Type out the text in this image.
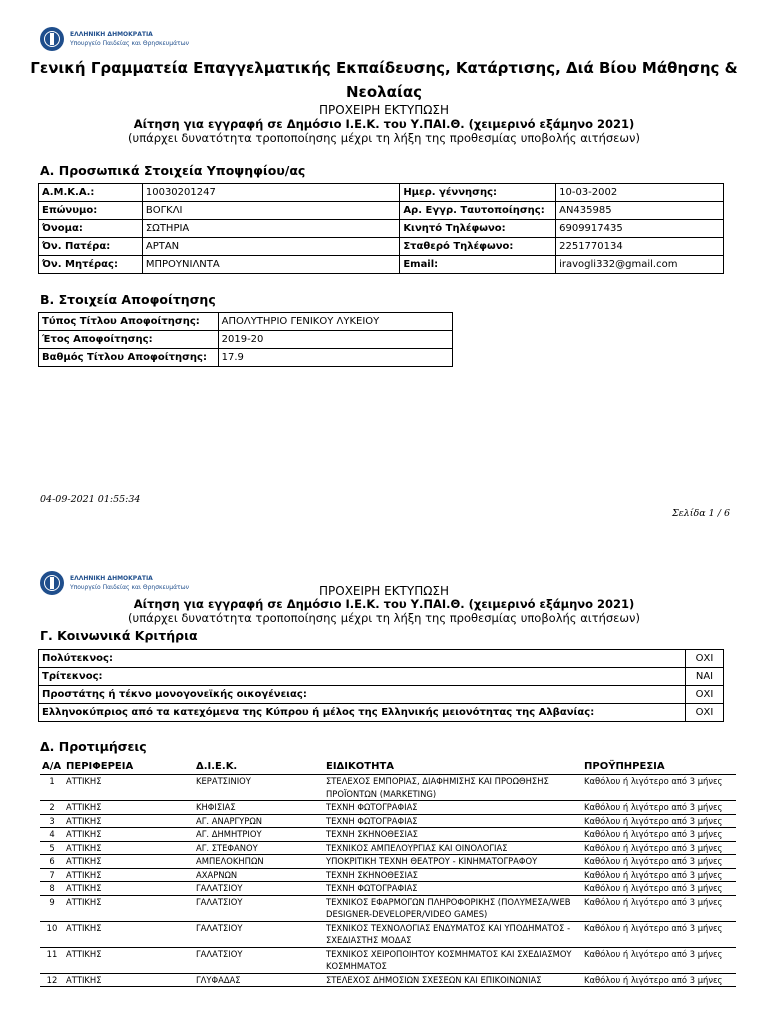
ΕΛΛΗΝΙΚΗ ΔΗΜΟΚΡΑΤΙΑ
Υπουργείο Παιδείας και Θρησκευμάτων
Γενική Γραμματεία Επαγγελματικής Εκπαίδευσης, Κατάρτισης, Διά Βίου Μάθησης &
Νεολαίας
ΠΡΟΧΕΙΡΗ ΕΚΤΥΠΩΣΗ
Αίτηση για εγγραφή σε Δημόσιο Ι.Ε.Κ. του Υ.ΠΑΙ.Θ. (χειμερινό εξάμηνο 2021)
(υπάρχει δυνατότητα τροποποίησης μέχρι τη λήξη της προθεσμίας υποβολής αιτήσεων)
Α. Προσωπικά Στοιχεία Υποψηφίου/ας
Α.Μ.Κ.Α.:	10030201247	Ημερ. γέννησης:	10-03-2002
Επώνυμο:	ΒΟΓΚΛΙ	Αρ. Εγγρ. Ταυτοποίησης:	ΑΝ435985
Όνομα:	ΣΩΤΗΡΙΑ	Κινητό Τηλέφωνο:	6909917435
Όν. Πατέρα:	ΑΡΤΑΝ	Σταθερό Τηλέφωνο:	2251770134
Όν. Μητέρας:	ΜΠΡΟΥΝΙΛΝΤΑ	Email:	iravogli332@gmail.com
Β. Στοιχεία Αποφοίτησης
Τύπος Τίτλου Αποφοίτησης:	ΑΠΟΛΥΤΗΡΙΟ ΓΕΝΙΚΟΥ ΛΥΚΕΙΟΥ
Έτος Αποφοίτησης:	2019-20
Βαθμός Τίτλου Αποφοίτησης:	17.9
04-09-2021 01:55:34
Σελίδα 1 / 6
ΕΛΛΗΝΙΚΗ ΔΗΜΟΚΡΑΤΙΑ
Υπουργείο Παιδείας και Θρησκευμάτων	ΠΡΟΧΕΙΡΗ ΕΚΤΥΠΩΣΗ
Αίτηση για εγγραφή σε Δημόσιο Ι.Ε.Κ. του Υ.ΠΑΙ.Θ. (χειμερινό εξάμηνο 2021)
(υπάρχει δυνατότητα τροποποίησης μέχρι τη λήξη της προθεσμίας υποβολής αιτήσεων)
Γ. Κοινωνικά Κριτήρια
Πολύτεκνος:	ΟΧΙ
Τρίτεκνος:	ΝΑΙ
Προστάτης ή τέκνο μονογονεϊκής οικογένειας:	ΟΧΙ
Ελληνοκύπριος από τα κατεχόμενα της Κύπρου ή μέλος της Ελληνικής μειονότητας της Αλβανίας:	ΟΧΙ
Δ. Προτιμήσεις
Α/Α	ΠΕΡΙΦΕΡΕΙΑ	Δ.Ι.Ε.Κ.	ΕΙΔΙΚΟΤΗΤΑ	ΠΡΟΫΠΗΡΕΣΙΑ
1	ΑΤΤΙΚΗΣ	ΚΕΡΑΤΣΙΝΙΟΥ	ΣΤΕΛΕΧΟΣ ΕΜΠΟΡΙΑΣ, ΔΙΑΦΗΜΙΣΗΣ ΚΑΙ ΠΡΟΩΘΗΣΗΣ ΠΡΟΪΟΝΤΩΝ (MARKETING)	Καθόλου ή λιγότερο από 3 μήνες
2	ΑΤΤΙΚΗΣ	ΚΗΦΙΣΙΑΣ	ΤΕΧΝΗ ΦΩΤΟΓΡΑΦΙΑΣ	Καθόλου ή λιγότερο από 3 μήνες
3	ΑΤΤΙΚΗΣ	ΑΓ. ΑΝΑΡΓΥΡΩΝ	ΤΕΧΝΗ ΦΩΤΟΓΡΑΦΙΑΣ	Καθόλου ή λιγότερο από 3 μήνες
4	ΑΤΤΙΚΗΣ	ΑΓ. ΔΗΜΗΤΡΙΟΥ	ΤΕΧΝΗ ΣΚΗΝΟΘΕΣΙΑΣ	Καθόλου ή λιγότερο από 3 μήνες
5	ΑΤΤΙΚΗΣ	ΑΓ. ΣΤΕΦΑΝΟΥ	ΤΕΧΝΙΚΟΣ ΑΜΠΕΛΟΥΡΓΙΑΣ ΚΑΙ ΟΙΝΟΛΟΓΙΑΣ	Καθόλου ή λιγότερο από 3 μήνες
6	ΑΤΤΙΚΗΣ	ΑΜΠΕΛΟΚΗΠΩΝ	ΥΠΟΚΡΙΤΙΚΗ ΤΕΧΝΗ ΘΕΑΤΡΟΥ - ΚΙΝΗΜΑΤΟΓΡΑΦΟΥ	Καθόλου ή λιγότερο από 3 μήνες
7	ΑΤΤΙΚΗΣ	ΑΧΑΡΝΩΝ	ΤΕΧΝΗ ΣΚΗΝΟΘΕΣΙΑΣ	Καθόλου ή λιγότερο από 3 μήνες
8	ΑΤΤΙΚΗΣ	ΓΑΛΑΤΣΙΟΥ	ΤΕΧΝΗ ΦΩΤΟΓΡΑΦΙΑΣ	Καθόλου ή λιγότερο από 3 μήνες
9	ΑΤΤΙΚΗΣ	ΓΑΛΑΤΣΙΟΥ	ΤΕΧΝΙΚΟΣ ΕΦΑΡΜΟΓΩΝ ΠΛΗΡΟΦΟΡΙΚΗΣ (ΠΟΛΥΜΕΣΑ/WEB DESIGNER-DEVELOPER/VIDEO GAMES)	Καθόλου ή λιγότερο από 3 μήνες
10	ΑΤΤΙΚΗΣ	ΓΑΛΑΤΣΙΟΥ	ΤΕΧΝΙΚΟΣ ΤΕΧΝΟΛΟΓΙΑΣ ΕΝΔΥΜΑΤΟΣ ΚΑΙ ΥΠΟΔΗΜΑΤΟΣ - ΣΧΕΔΙΑΣΤΗΣ ΜΟΔΑΣ	Καθόλου ή λιγότερο από 3 μήνες
11	ΑΤΤΙΚΗΣ	ΓΑΛΑΤΣΙΟΥ	ΤΕΧΝΙΚΟΣ ΧΕΙΡΟΠΟΙΗΤΟΥ ΚΟΣΜΗΜΑΤΟΣ ΚΑΙ ΣΧΕΔΙΑΣΜΟΥ ΚΟΣΜΗΜΑΤΟΣ	Καθόλου ή λιγότερο από 3 μήνες
12	ΑΤΤΙΚΗΣ	ΓΛΥΦΑΔΑΣ	ΣΤΕΛΕΧΟΣ ΔΗΜΟΣΙΩΝ ΣΧΕΣΕΩΝ ΚΑΙ ΕΠΙΚΟΙΝΩΝΙΑΣ	Καθόλου ή λιγότερο από 3 μήνες
